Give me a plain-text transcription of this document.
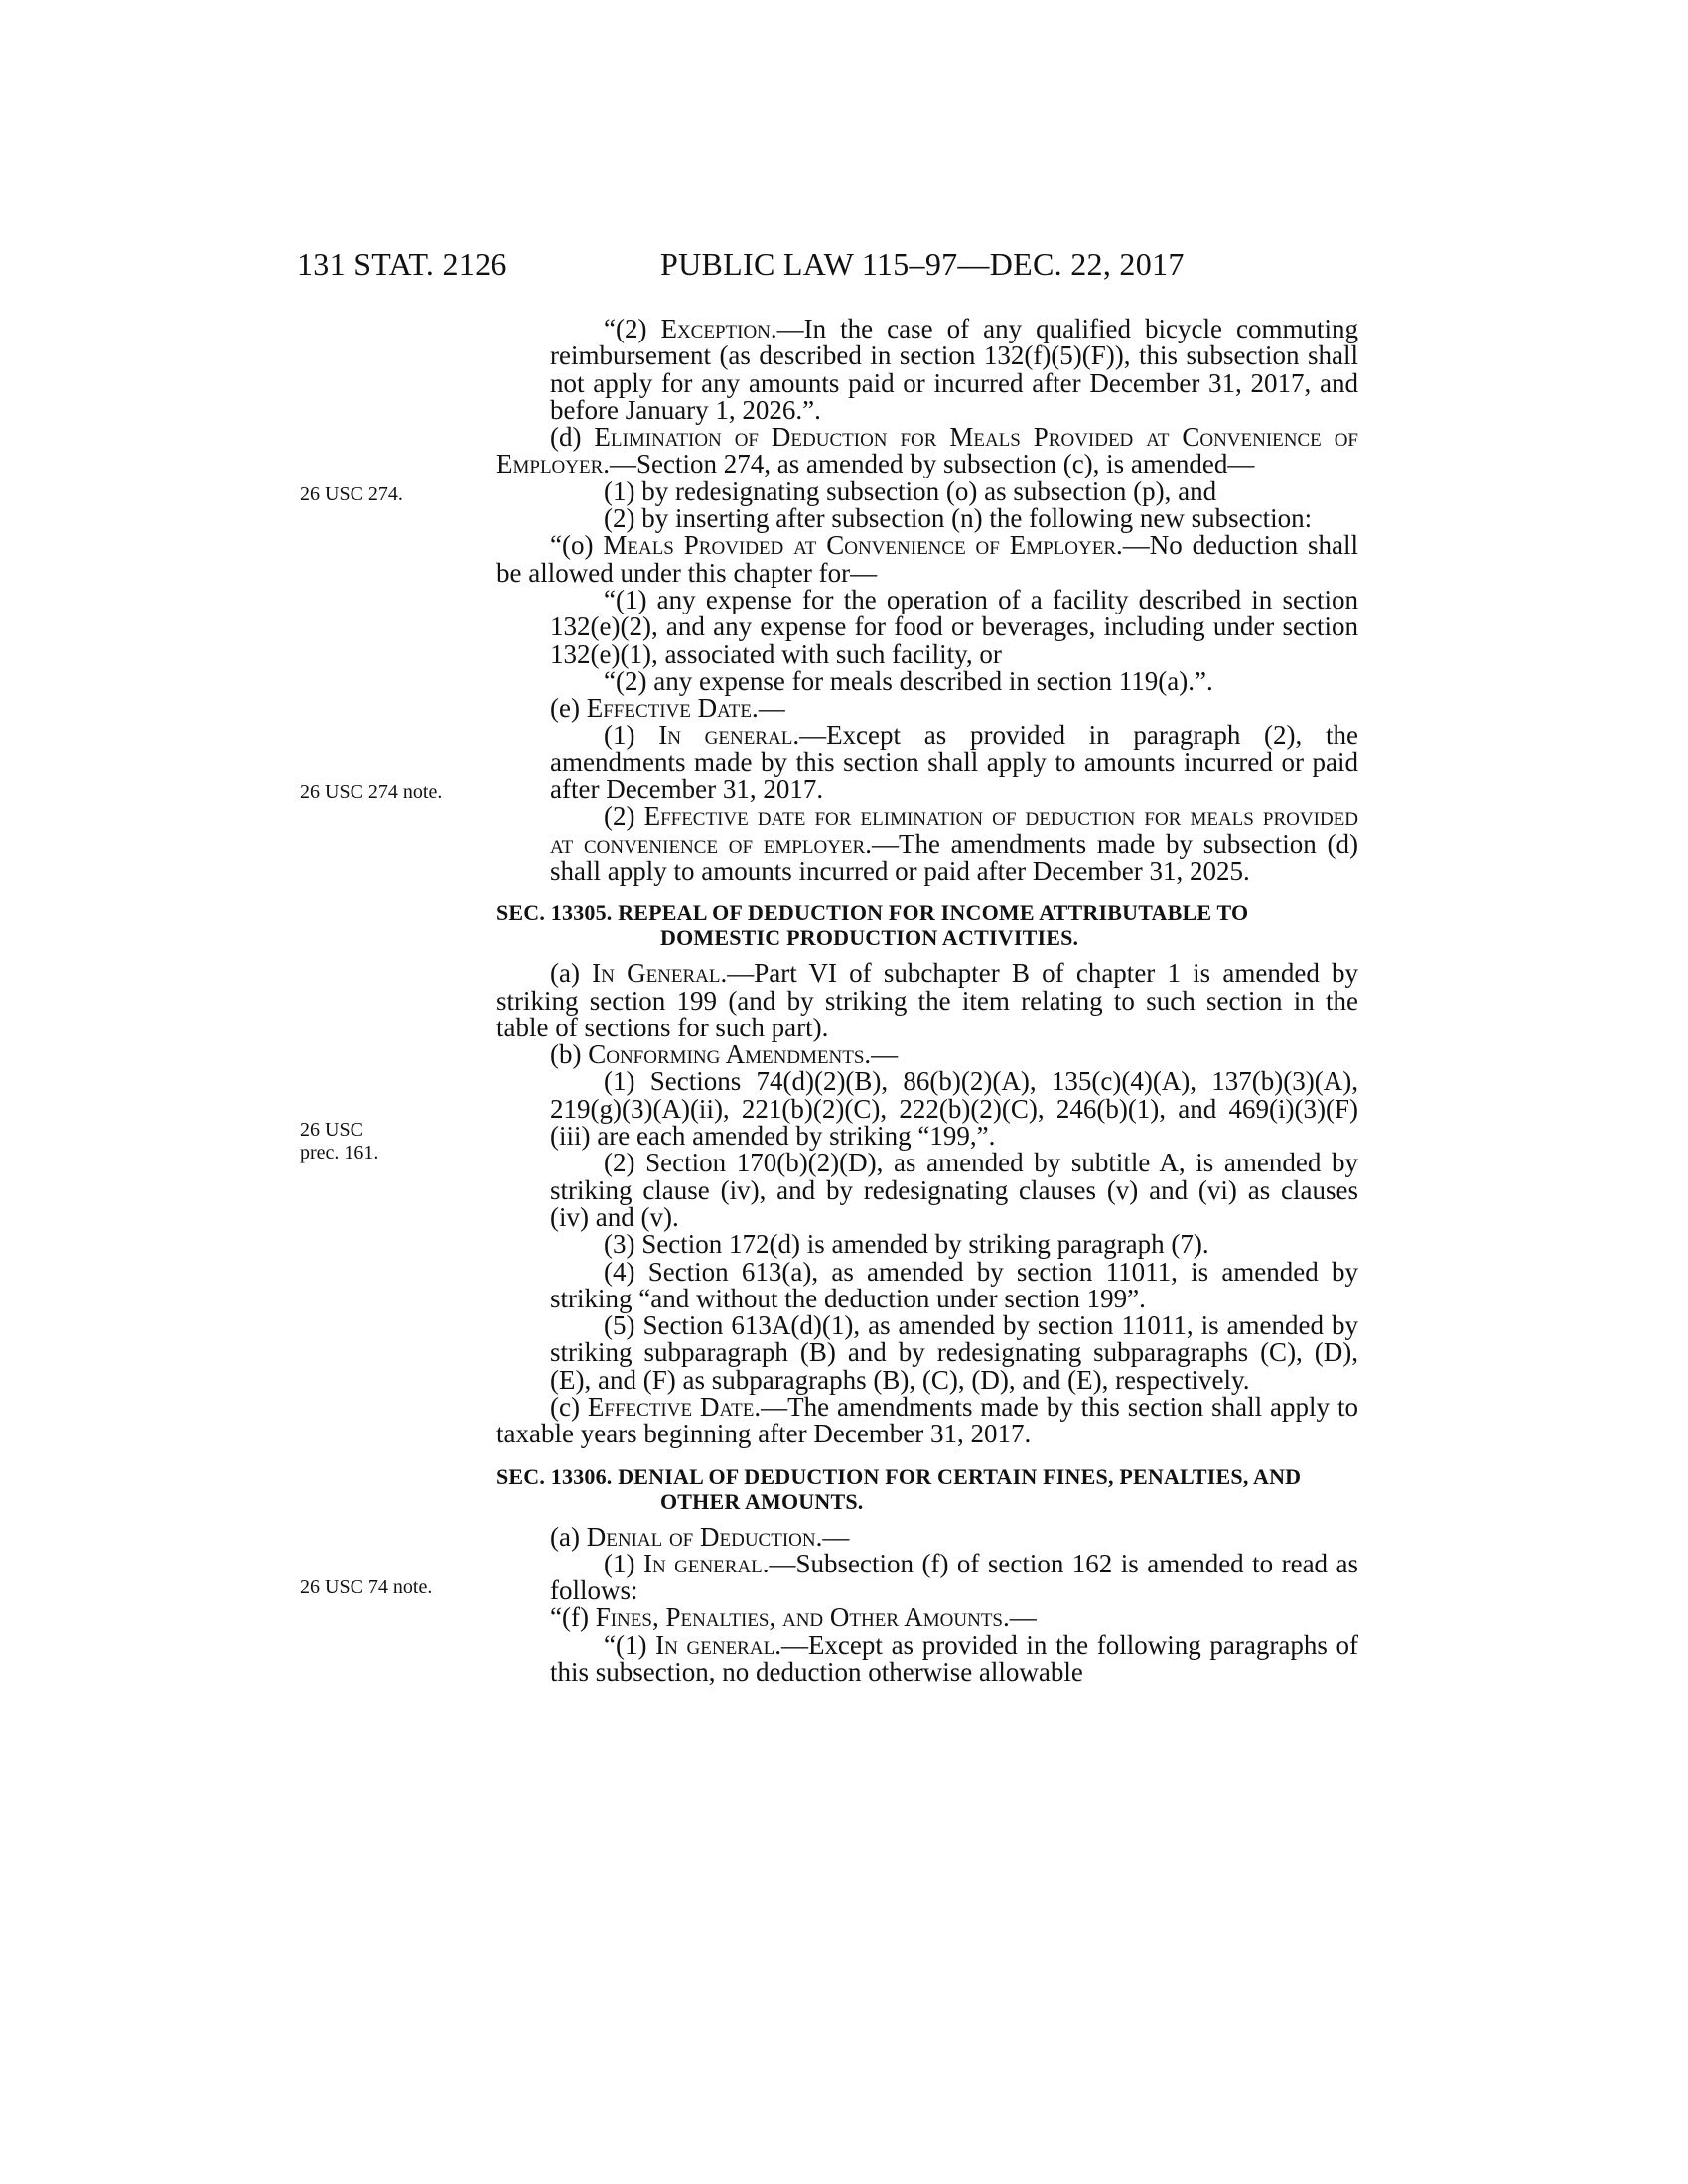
131 STAT. 2126	PUBLIC LAW 115–97—DEC. 22, 2017
26 USC 274.
26 USC 274 note.
26 USC
prec. 161.
26 USC 74 note.

“(2) Exception.—In the case of any qualified bicycle commuting reimbursement (as described in section 132(f)(5)(F)), this subsection shall not apply for any amounts paid or incurred after December 31, 2017, and before January 1, 2026.”.

(d) Elimination of Deduction for Meals Provided at Convenience of Employer.—Section 274, as amended by subsection (c), is amended—

(1) by redesignating subsection (o) as subsection (p), and

(2) by inserting after subsection (n) the following new subsection:

“(o) Meals Provided at Convenience of Employer.—No deduction shall be allowed under this chapter for—

“(1) any expense for the operation of a facility described in section 132(e)(2), and any expense for food or beverages, including under section 132(e)(1), associated with such facility, or

“(2) any expense for meals described in section 119(a).”.

(e) Effective Date.—

(1) In general.—Except as provided in paragraph (2), the amendments made by this section shall apply to amounts incurred or paid after December 31, 2017.

(2) Effective date for elimination of deduction for meals provided at convenience of employer.—The amendments made by subsection (d) shall apply to amounts incurred or paid after December 31, 2025.

SEC. 13305. REPEAL OF DEDUCTION FOR INCOME ATTRIBUTABLE TO DOMESTIC PRODUCTION ACTIVITIES.

(a) In General.—Part VI of subchapter B of chapter 1 is amended by striking section 199 (and by striking the item relating to such section in the table of sections for such part).

(b) Conforming Amendments.—

(1) Sections 74(d)(2)(B), 86(b)(2)(A), 135(c)(4)(A), 137(b)(3)(A), 219(g)(3)(A)(ii), 221(b)(2)(C), 222(b)(2)(C), 246(b)(1), and 469(i)(3)(F)(iii) are each amended by striking “199,”.

(2) Section 170(b)(2)(D), as amended by subtitle A, is amended by striking clause (iv), and by redesignating clauses (v) and (vi) as clauses (iv) and (v).

(3) Section 172(d) is amended by striking paragraph (7).

(4) Section 613(a), as amended by section 11011, is amended by striking “and without the deduction under section 199”.

(5) Section 613A(d)(1), as amended by section 11011, is amended by striking subparagraph (B) and by redesignating subparagraphs (C), (D), (E), and (F) as subparagraphs (B), (C), (D), and (E), respectively.

(c) Effective Date.—The amendments made by this section shall apply to taxable years beginning after December 31, 2017.

SEC. 13306. DENIAL OF DEDUCTION FOR CERTAIN FINES, PENALTIES, AND OTHER AMOUNTS.

(a) Denial of Deduction.—

(1) In general.—Subsection (f) of section 162 is amended to read as follows:

“(f) Fines, Penalties, and Other Amounts.—

“(1) In general.—Except as provided in the following paragraphs of this subsection, no deduction otherwise allowable
